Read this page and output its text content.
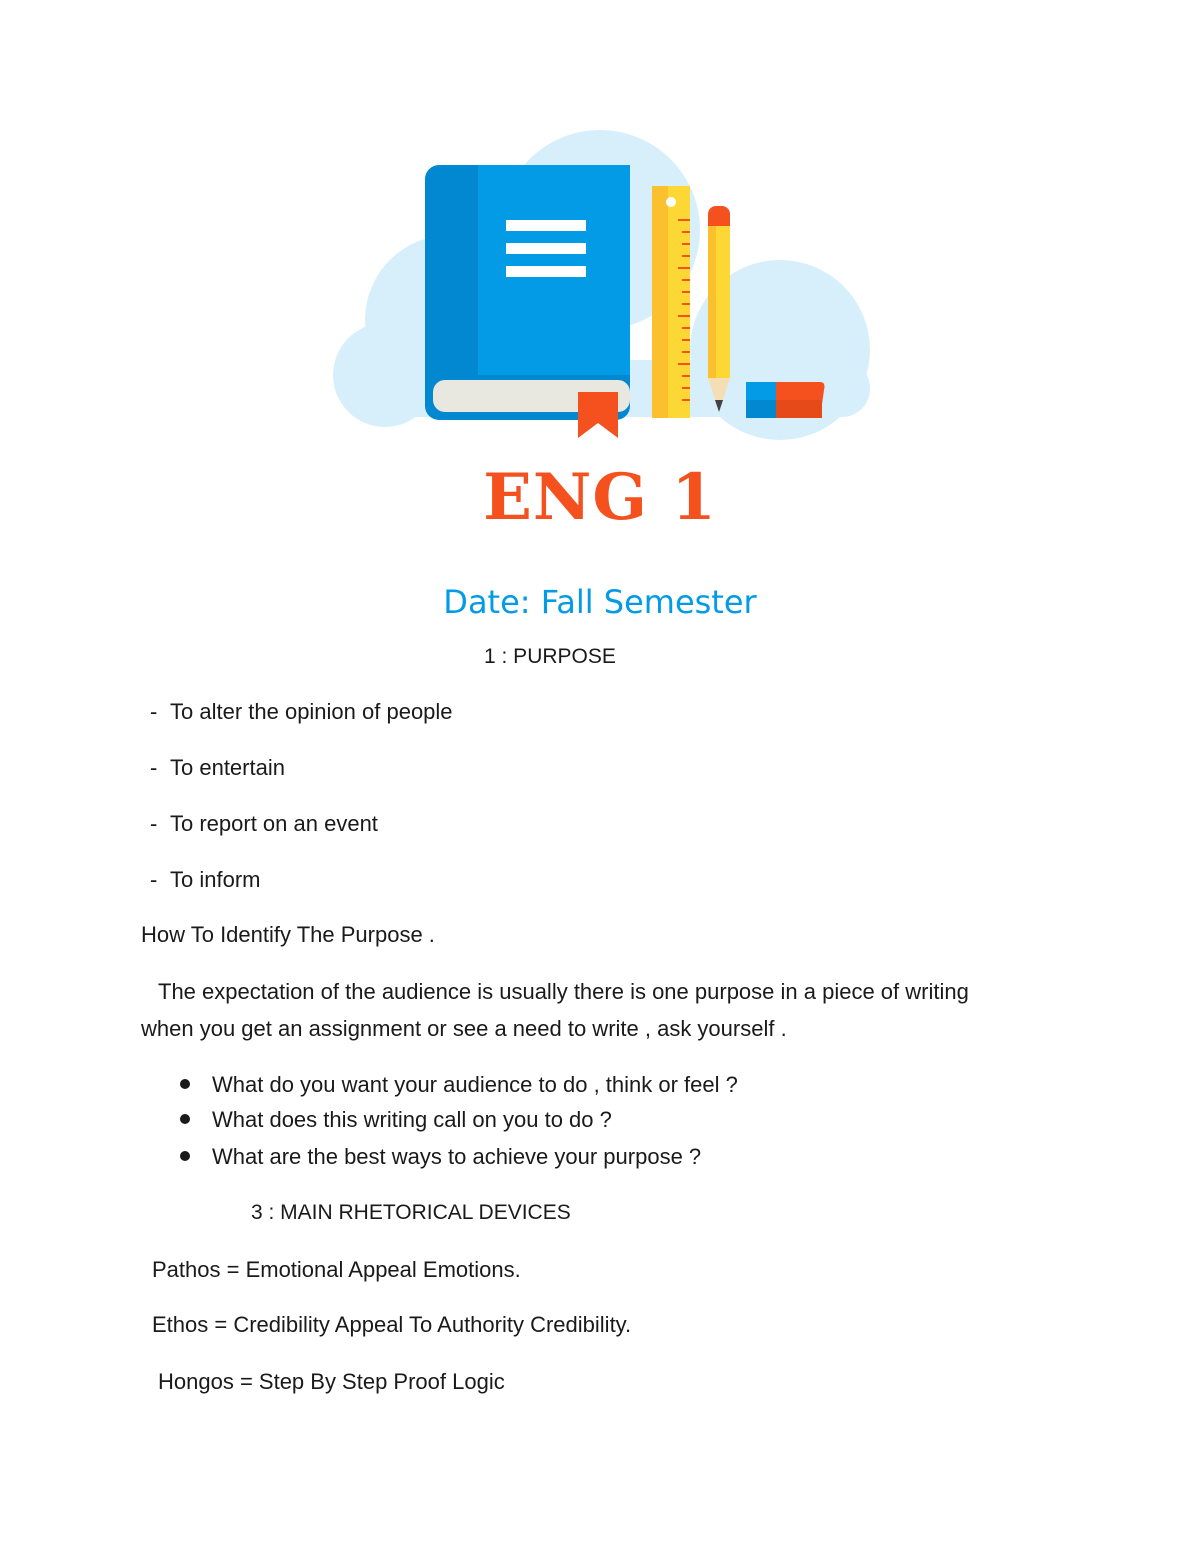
ENG 1
Date: Fall Semester
1 : PURPOSE
- To alter the opinion of people
- To entertain
- To report on an event
- To inform
How To Identify The Purpose .
The expectation of the audience is usually there is one purpose in a piece of writing
when you get an assignment or see a need to write , ask yourself .
What do you want your audience to do , think or feel ?
What does this writing call on you to do ?
What are the best ways to achieve your purpose ?
3 : MAIN RHETORICAL DEVICES
Pathos = Emotional Appeal Emotions.
Ethos = Credibility Appeal To Authority Credibility.
Hongos = Step By Step Proof Logic
